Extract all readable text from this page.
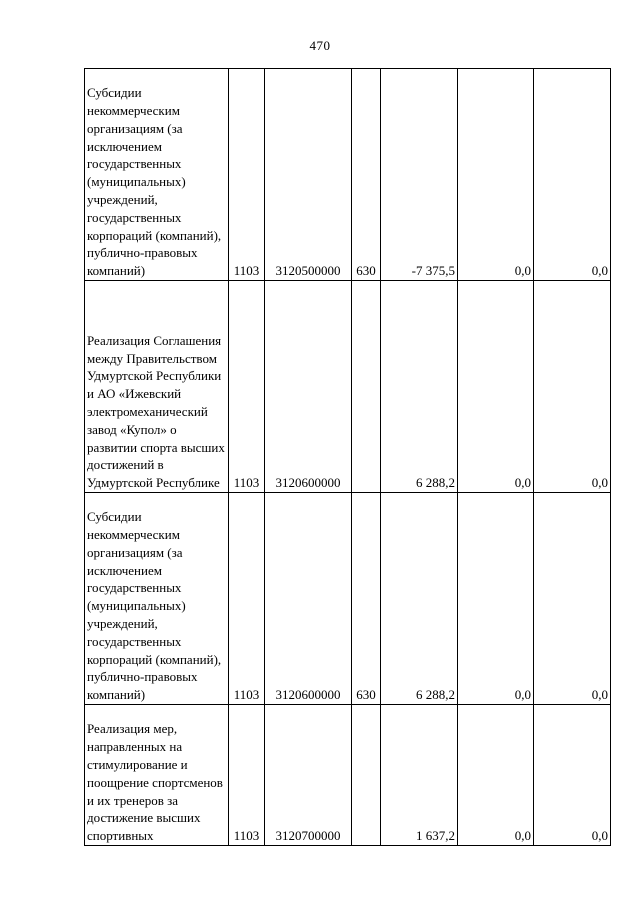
470
Субсидии некоммерческим организациям (за исключением государственных (муниципальных) учреждений, государственных корпораций (компаний), публично-правовых компаний)	1103	3120500000	630	-7 375,5	0,0	0,0

Реализация Соглашения между Правительством Удмуртской Республики и АО «Ижевский электромеханический завод «Купол» о развитии спорта высших достижений в Удмуртской Республике	1103	3120600000		6 288,2	0,0	0,0

Субсидии некоммерческим организациям (за исключением государственных (муниципальных) учреждений, государственных корпораций (компаний), публично-правовых компаний)	1103	3120600000	630	6 288,2	0,0	0,0

Реализация мер, направленных на стимулирование и поощрение спортсменов и их тренеров за достижение высших спортивных	1103	3120700000		1 637,2	0,0	0,0
